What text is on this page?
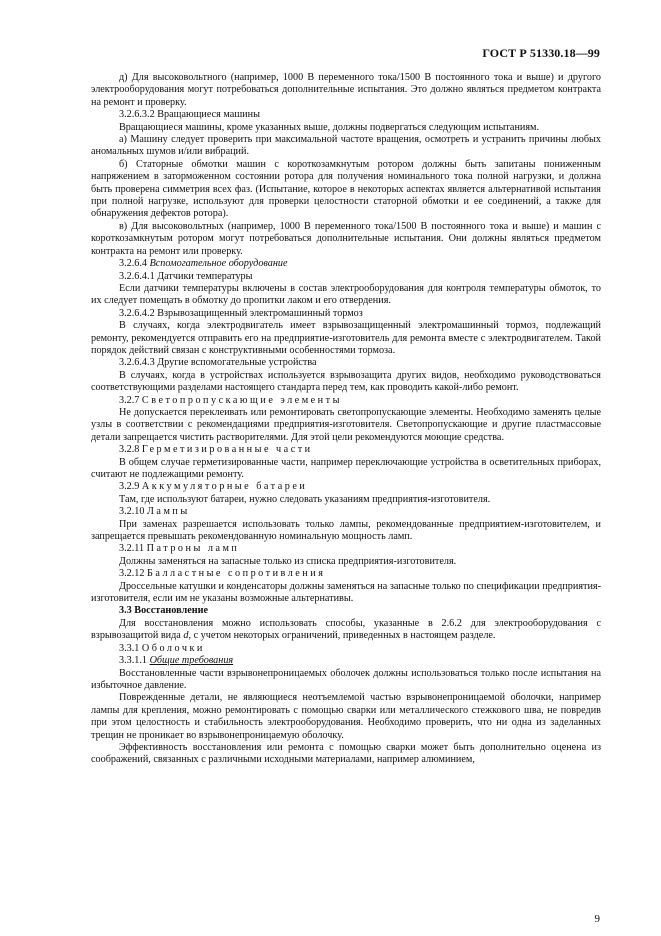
ГОСТ Р 51330.18—99

д) Для высоковольтного (например, 1000 В переменного тока/1500 В постоянного тока и выше) и другого электрооборудования могут потребоваться дополнительные испытания. Это должно являться предметом контракта на ремонт и проверку.

3.2.6.3.2 Вращающиеся машины

Вращающиеся машины, кроме указанных выше, должны подвергаться следующим испытаниям.

а) Машину следует проверить при максимальной частоте вращения, осмотреть и устранить причины любых аномальных шумов и/или вибраций.

б) Статорные обмотки машин с короткозамкнутым ротором должны быть запитаны пониженным напряжением в заторможенном состоянии ротора для получения номинального тока полной нагрузки, и должна быть проверена симметрия всех фаз. (Испытание, которое в некоторых аспектах является альтернативой испытания при полной нагрузке, используют для проверки целостности статорной обмотки и ее соединений, а также для обнаружения дефектов ротора).

в) Для высоковольтных (например, 1000 В переменного тока/1500 В постоянного тока и выше) и машин с короткозамкнутым ротором могут потребоваться дополнительные испытания. Они должны являться предметом контракта на ремонт или проверку.

3.2.6.4 Вспомогательное оборудование

3.2.6.4.1 Датчики температуры

Если датчики температуры включены в состав электрооборудования для контроля температуры обмоток, то их следует помещать в обмотку до пропитки лаком и его отвердения.

3.2.6.4.2 Взрывозащищенный электромашинный тормоз

В случаях, когда электродвигатель имеет взрывозащищенный электромашинный тормоз, подлежащий ремонту, рекомендуется отправить его на предприятие-изготовитель для ремонта вместе с электродвигателем. Такой порядок действий связан с конструктивными особенностями тормоза.

3.2.6.4.3 Другие вспомогательные устройства

В случаях, когда в устройствах используется взрывозащита других видов, необходимо руководствоваться соответствующими разделами настоящего стандарта перед тем, как проводить какой-либо ремонт.

3.2.7 Светопропускающие элементы

Не допускается переклеивать или ремонтировать светопропускающие элементы. Необходимо заменять целые узлы в соответствии с рекомендациями предприятия-изготовителя. Светопропускающие и другие пластмассовые детали запрещается чистить растворителями. Для этой цели рекомендуются моющие средства.

3.2.8 Герметизированные части

В общем случае герметизированные части, например переключающие устройства в осветительных приборах, считают не подлежащими ремонту.

3.2.9 Аккумуляторные батареи

Там, где используют батареи, нужно следовать указаниям предприятия-изготовителя.

3.2.10 Лампы

При заменах разрешается использовать только лампы, рекомендованные предприятием-изготовителем, и запрещается превышать рекомендованную номинальную мощность ламп.

3.2.11 Патроны ламп

Должны заменяться на запасные только из списка предприятия-изготовителя.

3.2.12 Балластные сопротивления

Дроссельные катушки и конденсаторы должны заменяться на запасные только по спецификации предприятия-изготовителя, если им не указаны возможные альтернативы.

3.3 Восстановление

Для восстановления можно использовать способы, указанные в 2.6.2 для электрооборудования с взрывозащитой вида d, с учетом некоторых ограничений, приведенных в настоящем разделе.

3.3.1 Оболочки

3.3.1.1 Общие требования

Восстановленные части взрывонепроницаемых оболочек должны использоваться только после испытания на избыточное давление.

Поврежденные детали, не являющиеся неотъемлемой частью взрывонепроницаемой оболочки, например лампы для крепления, можно ремонтировать с помощью сварки или металлического стежкового шва, не повредив при этом целостность и стабильность электрооборудования. Необходимо проверить, что ни одна из заделанных трещин не проникает во взрывонепроницаемую оболочку.

Эффективность восстановления или ремонта с помощью сварки может быть дополнительно оценена из соображений, связанных с различными исходными материалами, например алюминием,

9
